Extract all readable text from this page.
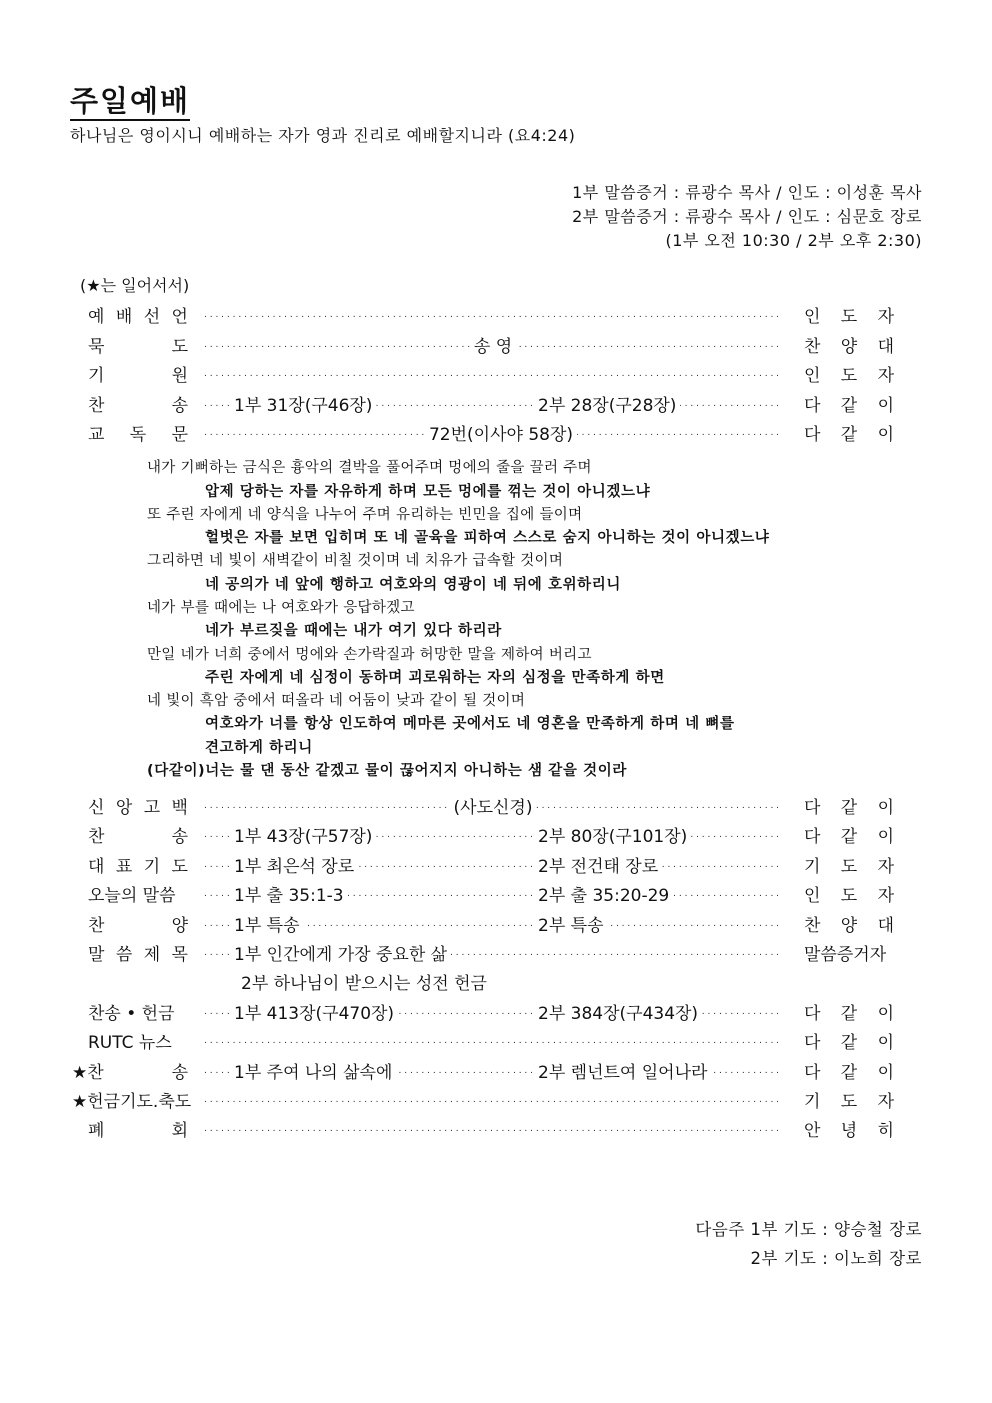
주일예배
하나님은 영이시니 예배하는 자가 영과 진리로 예배할지니라 (요4:24)
1부 말씀증거 : 류광수 목사 / 인도 : 이성훈 목사
2부 말씀증거 : 류광수 목사 / 인도 : 심문호 장로
(1부 오전 10:30 / 2부 오후 2:30)
(★는 일어서서)
예 배 선 언 . . .	인 도 자
묵	도 . . .	송 영	찬 양 대
기	원 . . .	인 도 자
찬	송 . . .	1부 31장(구46장)	2부 28장(구28장)	다 같 이
교 독 문 . . .	72번(이사야 58장)	다 같 이
내가 기뻐하는 금식은 흉악의 결박을 풀어주며 멍에의 줄을 끌러 주며
압제 당하는 자를 자유하게 하며 모든 멍에를 꺾는 것이 아니겠느냐
또 주린 자에게 네 양식을 나누어 주며 유리하는 빈민을 집에 들이며
헐벗은 자를 보면 입히며 또 네 골육을 피하여 스스로 숨지 아니하는 것이 아니겠느냐
그리하면 네 빛이 새벽같이 비칠 것이며 네 치유가 급속할 것이며
네 공의가 네 앞에 행하고 여호와의 영광이 네 뒤에 호위하리니
네가 부를 때에는 나 여호와가 응답하겠고
네가 부르짖을 때에는 내가 여기 있다 하리라
만일 네가 너희 중에서 멍에와 손가락질과 허망한 말을 제하여 버리고
주린 자에게 네 심정이 동하며 괴로워하는 자의 심정을 만족하게 하면
네 빛이 흑암 중에서 떠올라 네 어둠이 낮과 같이 될 것이며
여호와가 너를 항상 인도하여 메마른 곳에서도 네 영혼을 만족하게 하며 네 뼈를
견고하게 하리니
(다같이)너는 물 댄 동산 같겠고 물이 끊어지지 아니하는 샘 같을 것이라
신 앙 고 백 . . .	(사도신경)	다 같 이
찬	송 . . .	1부 43장(구57장)	2부 80장(구101장)	다 같 이
대 표 기 도 . . .	1부 최은석 장로	2부 전건태 장로	기 도 자
오늘의 말씀 . . .	1부 출 35:1-3	2부 출 35:20-29	인 도 자
찬	양 . . .	1부 특송	2부 특송	찬 양 대
말 씀 제 목 . . .	1부 인간에게 가장 중요한 삶	말씀증거자
2부 하나님이 받으시는 성전 헌금
찬송 • 헌금 . . .	1부 413장(구470장)	2부 384장(구434장)	다 같 이
RUTC 뉴스 . . .	다 같 이
★찬	송 . . .	1부 주여 나의 삶속에	2부 렘넌트여 일어나라	다 같 이
★헌금기도.축도 . . .	기 도 자
폐	회 . . .	안 녕 히
다음주 1부 기도 : 양승철 장로
2부 기도 : 이노희 장로
